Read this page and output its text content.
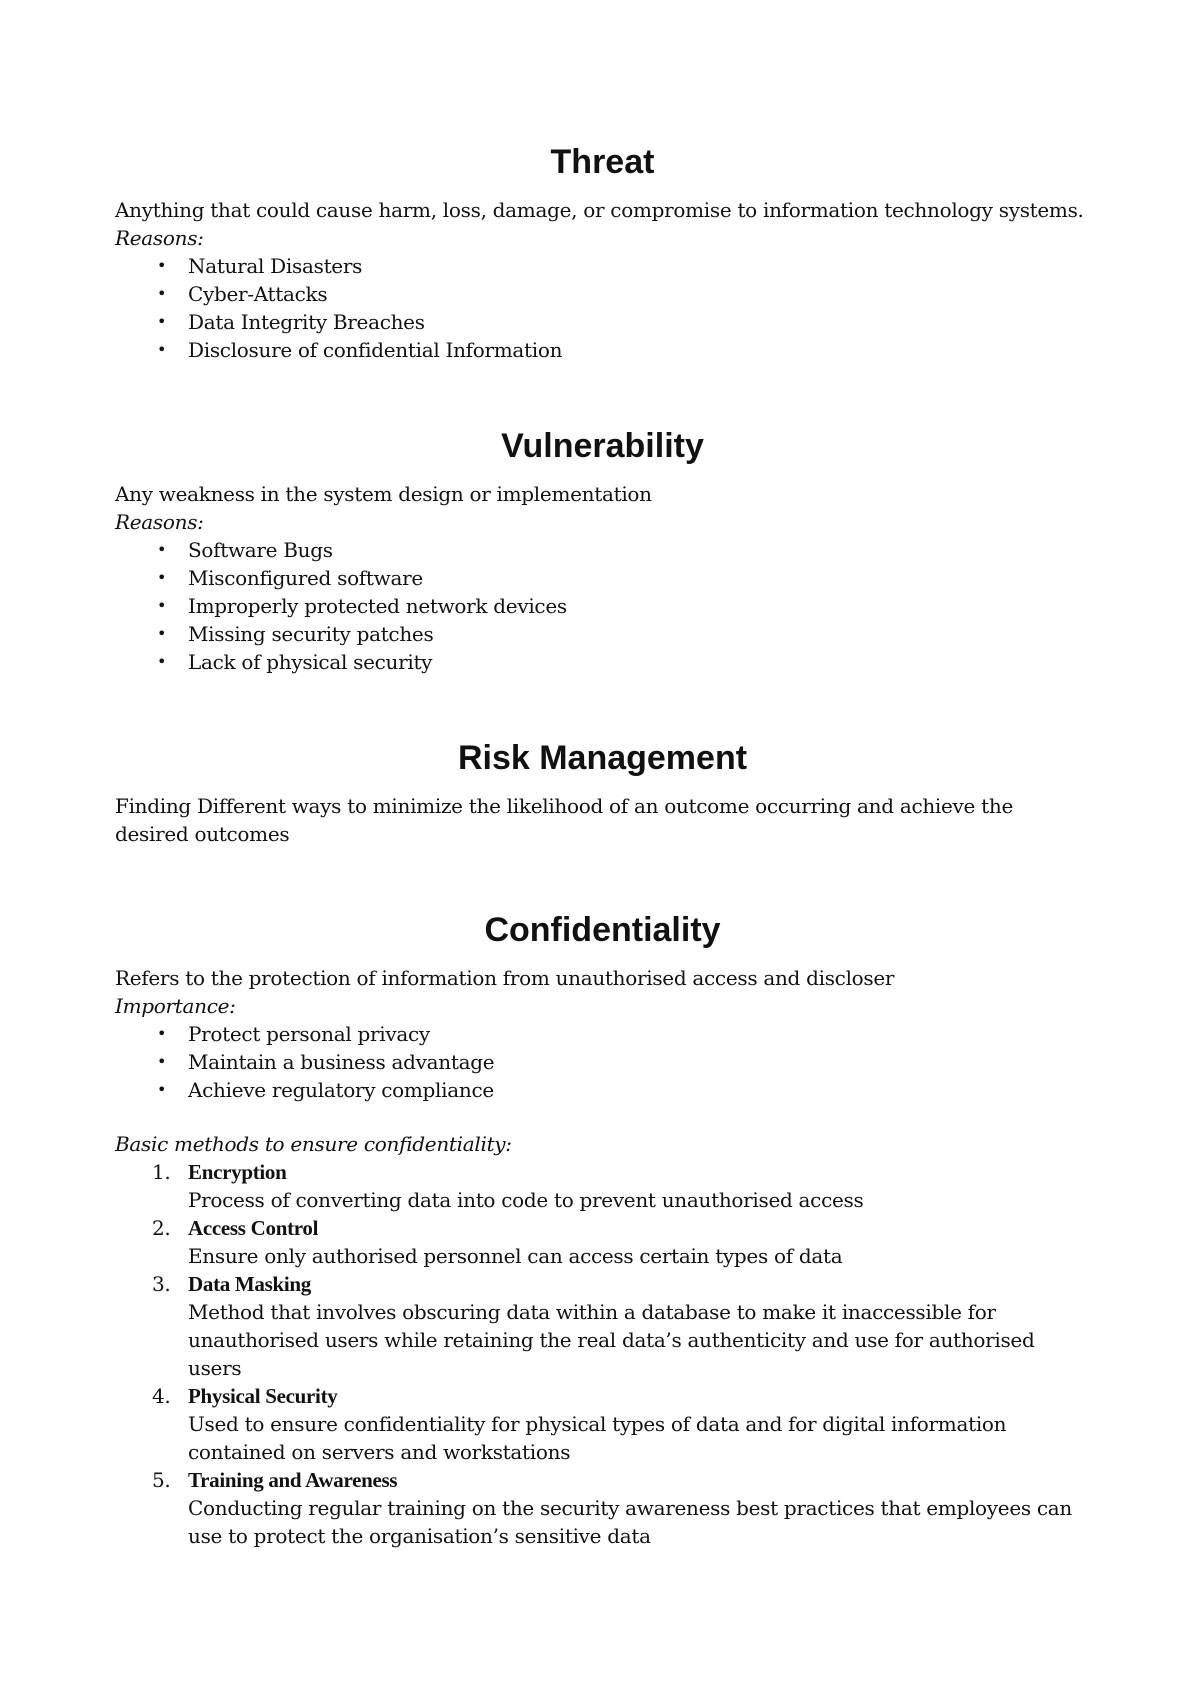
Threat

Anything that could cause harm, loss, damage, or compromise to information technology systems.

Reasons:

• Natural Disasters
• Cyber-Attacks
• Data Integrity Breaches
• Disclosure of confidential Information
Vulnerability

Any weakness in the system design or implementation

Reasons:

• Software Bugs
• Misconfigured software
• Improperly protected network devices
• Missing security patches
• Lack of physical security
Risk Management

Finding Different ways to minimize the likelihood of an outcome occurring and achieve the desired outcomes

Confidentiality

Refers to the protection of information from unauthorised access and discloser

Importance:

• Protect personal privacy
• Maintain a business advantage
• Achieve regulatory compliance

Basic methods to ensure confidentiality:

1. Encryption
Process of converting data into code to prevent unauthorised access
2. Access Control
Ensure only authorised personnel can access certain types of data
3. Data Masking
Method that involves obscuring data within a database to make it inaccessible for unauthorised users while retaining the real data’s authenticity and use for authorised users
4. Physical Security
Used to ensure confidentiality for physical types of data and for digital information contained on servers and workstations
5. Training and Awareness
Conducting regular training on the security awareness best practices that employees can use to protect the organisation’s sensitive data
